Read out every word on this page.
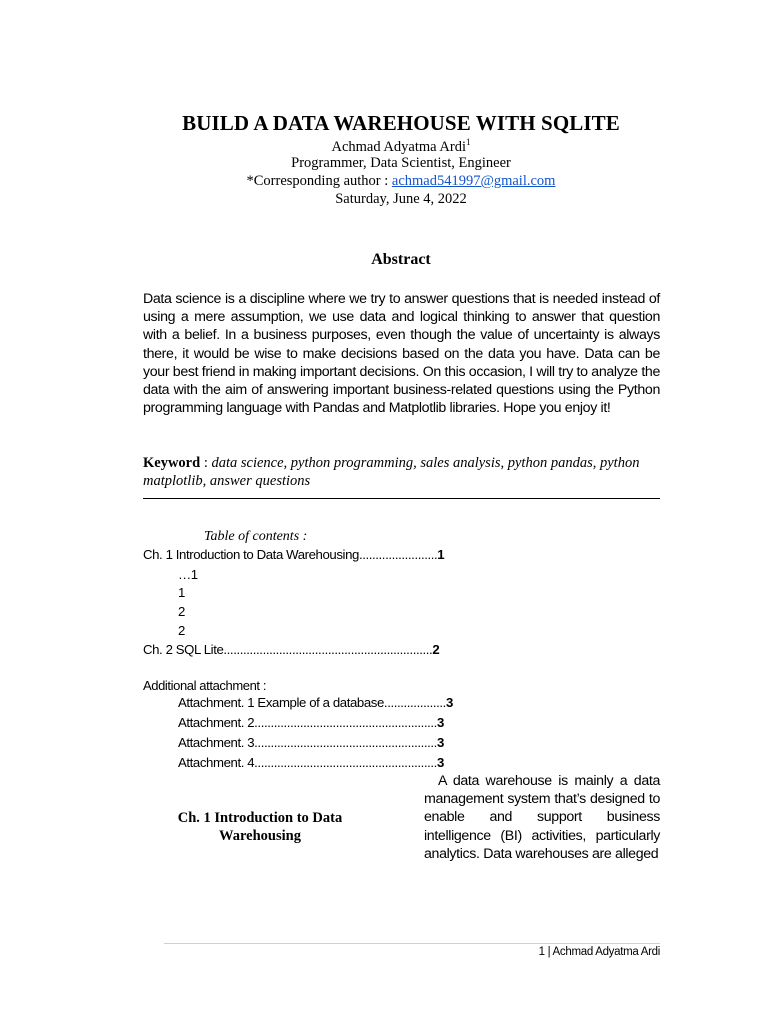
BUILD A DATA WAREHOUSE WITH SQLITE
Achmad Adyatma Ardi$^1$
Programmer, Data Scientist, Engineer
*Corresponding author : achmad541997@gmail.com
Saturday, June 4, 2022
Abstract
Data science is a discipline where we try to answer questions that is needed instead of using a mere assumption, we use data and logical thinking to answer that question with a belief. In a business purposes, even though the value of uncertainty is always there, it would be wise to make decisions based on the data you have. Data can be your best friend in making important decisions. On this occasion, I will try to analyze the data with the aim of answering important business-related questions using the Python programming language with Pandas and Matplotlib libraries. Hope you enjoy it!
Keyword : data science, python programming, sales analysis, python pandas, python matplotlib, answer questions
Table of contents :
Ch. 1 Introduction to Data Warehousing........................1
…1
1
2
2
Ch. 2 SQL Lite................................................................2
Additional attachment :
Attachment. 1 Example of a database...................3
Attachment. 2........................................................3
Attachment. 3........................................................3
Attachment. 4........................................................3
Ch. 1 Introduction to Data
Warehousing
A data warehouse is mainly a data management system that’s designed to enable and support business intelligence (BI) activities, particularly analytics. Data warehouses are alleged
1 | Achmad Adyatma Ardi
